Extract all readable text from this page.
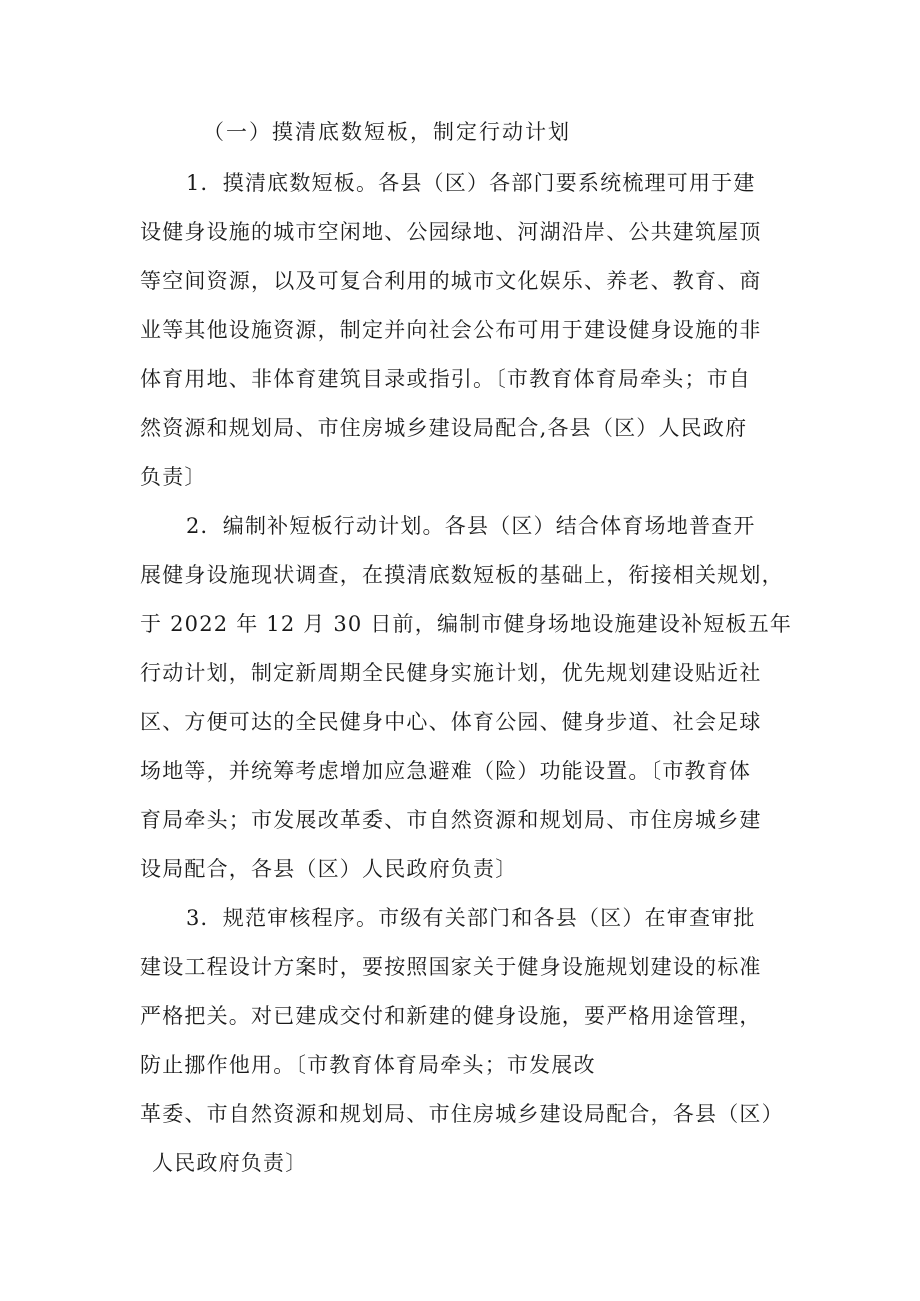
（一）摸清底数短板，制定行动计划
1．摸清底数短板。各县（区）各部门要系统梳理可用于建
设健身设施的城市空闲地、公园绿地、河湖沿岸、公共建筑屋顶
等空间资源，以及可复合利用的城市文化娱乐、养老、教育、商
业等其他设施资源，制定并向社会公布可用于建设健身设施的非
体育用地、非体育建筑目录或指引。〔市教育体育局牵头；市自
然资源和规划局、市住房城乡建设局配合,各县（区）人民政府
负责〕
2．编制补短板行动计划。各县（区）结合体育场地普查开
展健身设施现状调查，在摸清底数短板的基础上，衔接相关规划，
于 2022 年 12 月 30 日前，编制市健身场地设施建设补短板五年
行动计划，制定新周期全民健身实施计划，优先规划建设贴近社
区、方便可达的全民健身中心、体育公园、健身步道、社会足球
场地等，并统筹考虑增加应急避难（险）功能设置。〔市教育体
育局牵头；市发展改革委、市自然资源和规划局、市住房城乡建
设局配合，各县（区）人民政府负责〕
3．规范审核程序。市级有关部门和各县（区）在审查审批
建设工程设计方案时，要按照国家关于健身设施规划建设的标准
严格把关。对已建成交付和新建的健身设施，要严格用途管理，
防止挪作他用。〔市教育体育局牵头；市发展改
革委、市自然资源和规划局、市住房城乡建设局配合，各县（区）
人民政府负责〕
